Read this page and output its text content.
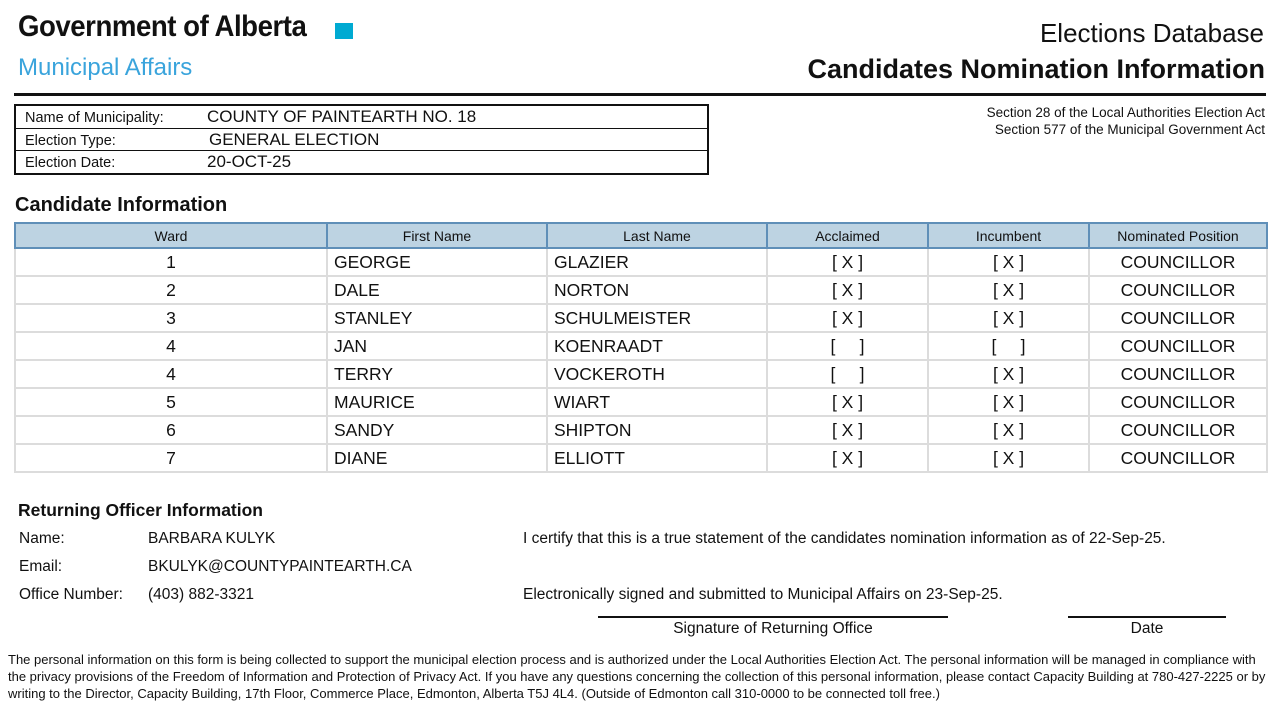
Government of Alberta
Municipal Affairs
Elections Database
Candidates Nomination Information
Section 28 of the Local Authorities Election Act
Section 577 of the Municipal Government Act
Name of Municipality:	COUNTY OF PAINTEARTH NO. 18
Election Type:	GENERAL ELECTION
Election Date:	20-OCT-25
Candidate Information
Ward	First Name	Last Name	Acclaimed	Incumbent	Nominated Position
1	GEORGE	GLAZIER	[ X ]	[ X ]	COUNCILLOR
2	DALE	NORTON	[ X ]	[ X ]	COUNCILLOR
3	STANLEY	SCHULMEISTER	[ X ]	[ X ]	COUNCILLOR
4	JAN	KOENRAADT	[     ]	[     ]	COUNCILLOR
4	TERRY	VOCKEROTH	[     ]	[ X ]	COUNCILLOR
5	MAURICE	WIART	[ X ]	[ X ]	COUNCILLOR
6	SANDY	SHIPTON	[ X ]	[ X ]	COUNCILLOR
7	DIANE	ELLIOTT	[ X ]	[ X ]	COUNCILLOR
Returning Officer Information
Name:	BARBARA KULYK
Email:	BKULYK@COUNTYPAINTEARTH.CA
Office Number: (403) 882-3321
I certify that this is a true statement of the candidates nomination information as of 22-Sep-25.
Electronically signed and submitted to Municipal Affairs on 23-Sep-25.
Signature of Returning Office	Date
The personal information on this form is being collected to support the municipal election process and is authorized under the Local Authorities Election Act. The personal information will be managed in compliance with the privacy provisions of the Freedom of Information and Protection of Privacy Act. If you have any questions concerning the collection of this personal information, please contact Capacity Building at 780-427-2225 or by writing to the Director, Capacity Building, 17th Floor, Commerce Place, Edmonton, Alberta T5J 4L4. (Outside of Edmonton call 310-0000 to be connected toll free.)
